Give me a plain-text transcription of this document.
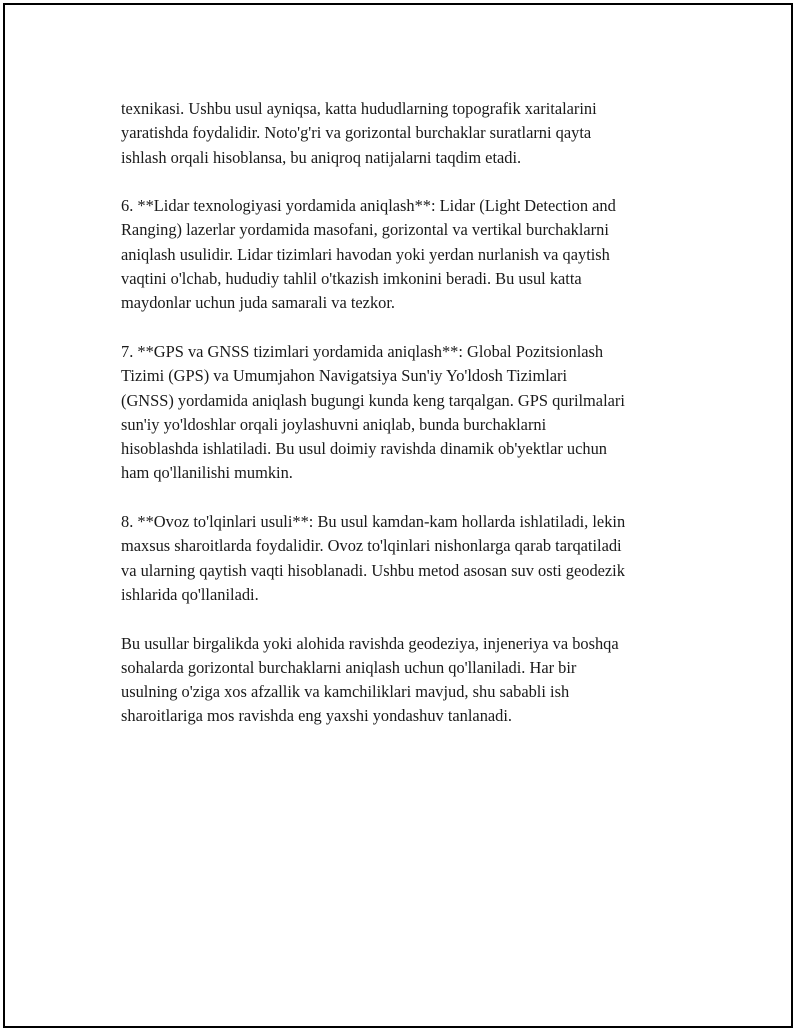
texnikasi. Ushbu usul ayniqsa, katta hududlarning topografik xaritalarini
yaratishda foydalidir. Noto'g'ri va gorizontal burchaklar suratlarni qayta
ishlash orqali hisoblansa, bu aniqroq natijalarni taqdim etadi.

6. **Lidar texnologiyasi yordamida aniqlash**: Lidar (Light Detection and
Ranging) lazerlar yordamida masofani, gorizontal va vertikal burchaklarni
aniqlash usulidir. Lidar tizimlari havodan yoki yerdan nurlanish va qaytish
vaqtini o'lchab, hududiy tahlil o'tkazish imkonini beradi. Bu usul katta
maydonlar uchun juda samarali va tezkor.

7. **GPS va GNSS tizimlari yordamida aniqlash**: Global Pozitsionlash
Tizimi (GPS) va Umumjahon Navigatsiya Sun'iy Yo'ldosh Tizimlari
(GNSS) yordamida aniqlash bugungi kunda keng tarqalgan. GPS qurilmalari
sun'iy yo'ldoshlar orqali joylashuvni aniqlab, bunda burchaklarni
hisoblashda ishlatiladi. Bu usul doimiy ravishda dinamik ob'yektlar uchun
ham qo'llanilishi mumkin.

8. **Ovoz to'lqinlari usuli**: Bu usul kamdan-kam hollarda ishlatiladi, lekin
maxsus sharoitlarda foydalidir. Ovoz to'lqinlari nishonlarga qarab tarqatiladi
va ularning qaytish vaqti hisoblanadi. Ushbu metod asosan suv osti geodezik
ishlarida qo'llaniladi.

Bu usullar birgalikda yoki alohida ravishda geodeziya, injeneriya va boshqa
sohalarda gorizontal burchaklarni aniqlash uchun qo'llaniladi. Har bir
usulning o'ziga xos afzallik va kamchiliklari mavjud, shu sababli ish
sharoitlariga mos ravishda eng yaxshi yondashuv tanlanadi.
